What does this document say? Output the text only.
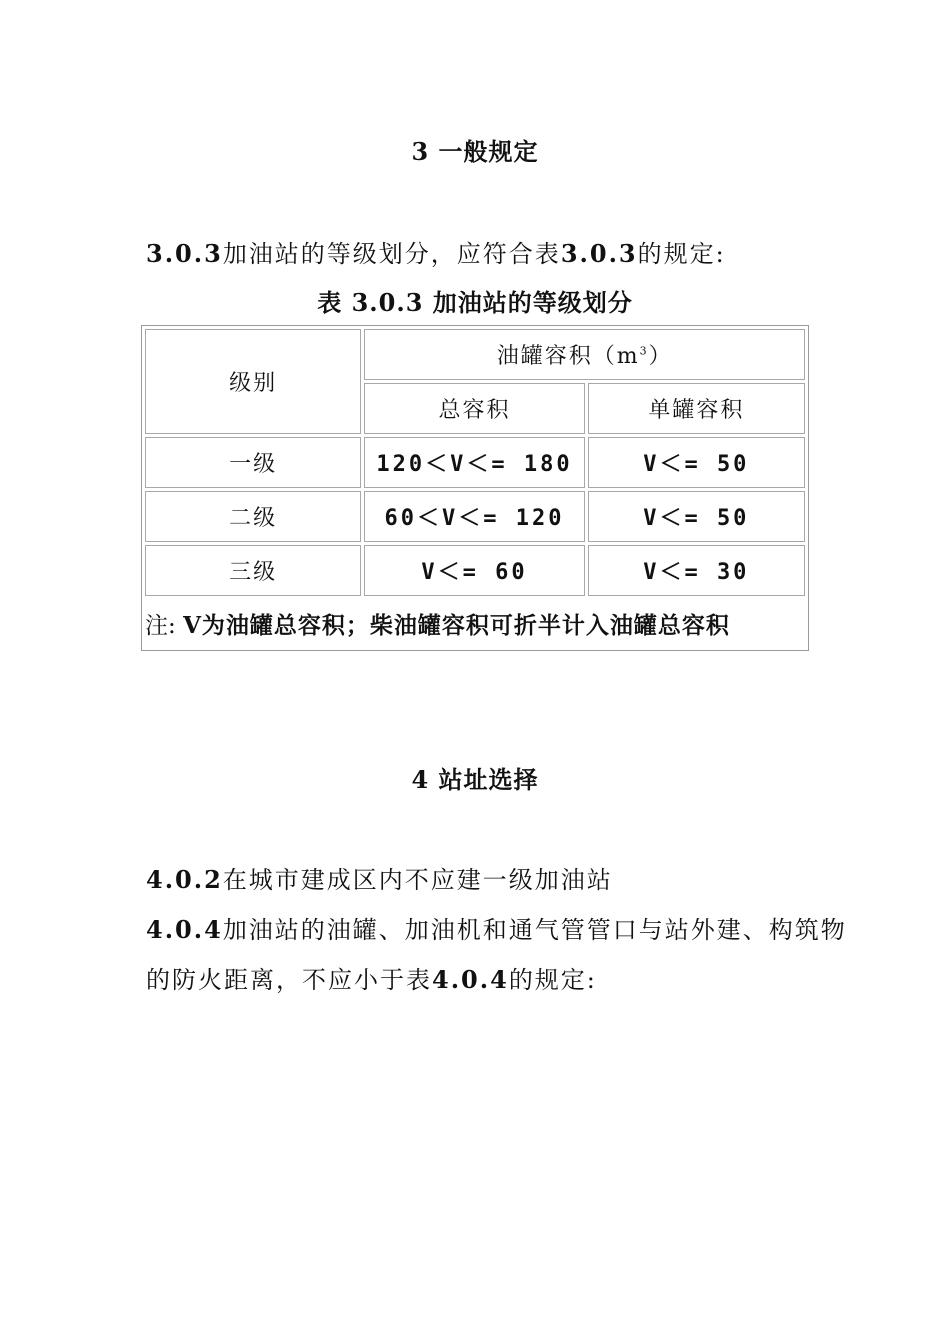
3 一般规定
3.0.3加油站的等级划分，应符合表3.0.3的规定:
表 3.0.3 加油站的等级划分
级别	油罐容积$(m^3)$	
	总容积	单罐容积
一级	120＜V＜= 180	V＜= 50
二级	60＜V＜= 120	V＜= 50
三级	V＜= 60	V＜= 30
注: V为油罐总容积；柴油罐容积可折半计入油罐总容积		
4 站址选择
4.0.2在城市建成区内不应建一级加油站
4.0.4加油站的油罐、加油机和通气管管口与站外建、构筑物
的防火距离，不应小于表4.0.4的规定:
